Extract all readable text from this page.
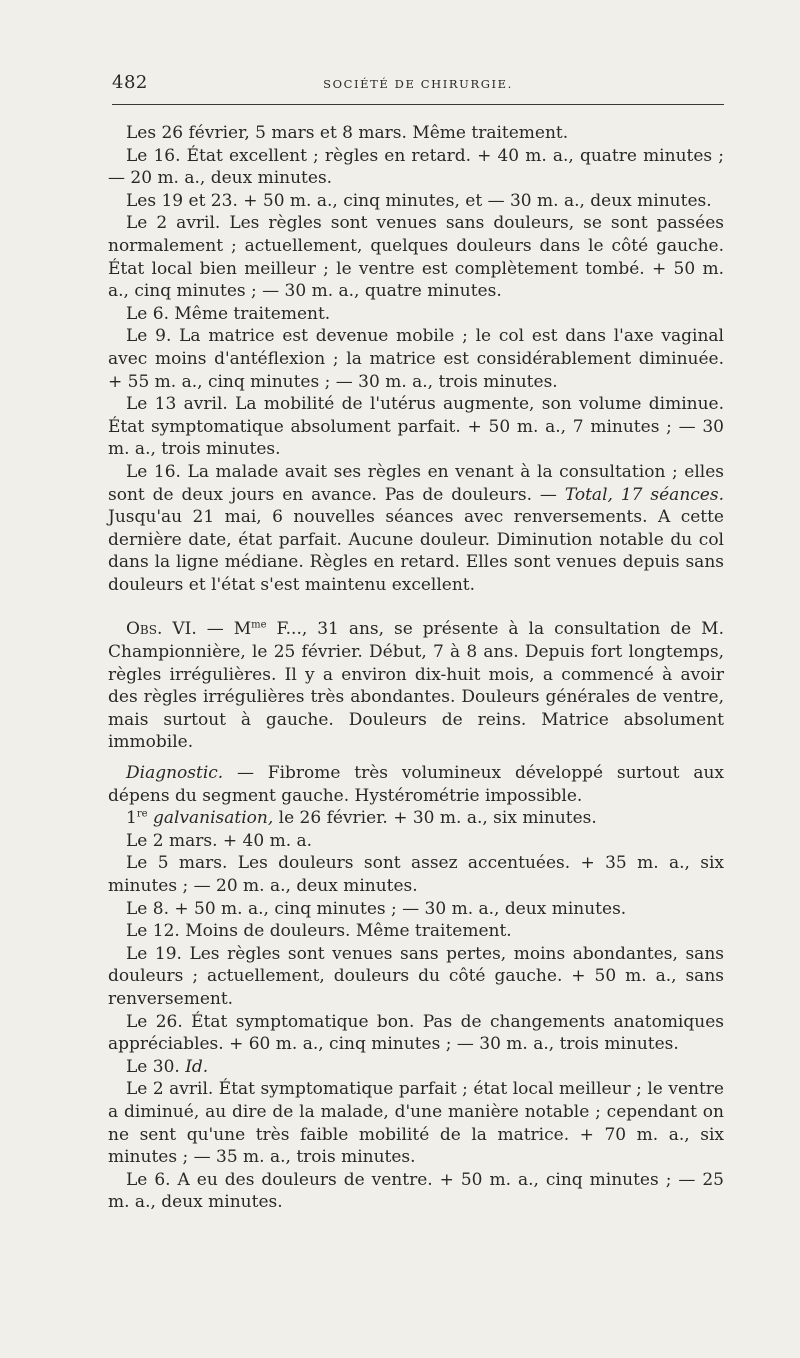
482	SOCIÉTÉ DE CHIRURGIE.

Les 26 février, 5 mars et 8 mars. Même traitement.

Le 16. État excellent ; règles en retard. + 40 m. a., quatre minutes ; — 20 m. a., deux minutes.

Les 19 et 23. + 50 m. a., cinq minutes, et — 30 m. a., deux minutes.

Le 2 avril. Les règles sont venues sans douleurs, se sont passées normalement ; actuellement, quelques douleurs dans le côté gauche. État local bien meilleur ; le ventre est complètement tombé. + 50 m. a., cinq minutes ; — 30 m. a., quatre minutes.

Le 6. Même traitement.

Le 9. La matrice est devenue mobile ; le col est dans l'axe vaginal avec moins d'antéflexion ; la matrice est considérablement diminuée. + 55 m. a., cinq minutes ; — 30 m. a., trois minutes.

Le 13 avril. La mobilité de l'utérus augmente, son volume diminue. État symptomatique absolument parfait. + 50 m. a., 7 minutes ; — 30 m. a., trois minutes.

Le 16. La malade avait ses règles en venant à la consultation ; elles sont de deux jours en avance. Pas de douleurs. — Total, 17 séances. Jusqu'au 21 mai, 6 nouvelles séances avec renversements. A cette dernière date, état parfait. Aucune douleur. Diminution notable du col dans la ligne médiane. Règles en retard. Elles sont venues depuis sans douleurs et l'état s'est maintenu excellent.

Obs. VI. — $M^{me}$ F..., 31 ans, se présente à la consultation de M. Championnière, le 25 février. Début, 7 à 8 ans. Depuis fort longtemps, règles irrégulières. Il y a environ dix-huit mois, a commencé à avoir des règles irrégulières très abondantes. Douleurs générales de ventre, mais surtout à gauche. Douleurs de reins. Matrice absolument immobile.

Diagnostic. — Fibrome très volumineux développé surtout aux dépens du segment gauche. Hystérométrie impossible.

1re galvanisation, le 26 février. + 30 m. a., six minutes.

Le 2 mars. + 40 m. a.

Le 5 mars. Les douleurs sont assez accentuées. + 35 m. a., six minutes ; — 20 m. a., deux minutes.

Le 8. + 50 m. a., cinq minutes ; — 30 m. a., deux minutes.

Le 12. Moins de douleurs. Même traitement.

Le 19. Les règles sont venues sans pertes, moins abondantes, sans douleurs ; actuellement, douleurs du côté gauche. + 50 m. a., sans renversement.

Le 26. État symptomatique bon. Pas de changements anatomiques appréciables. + 60 m. a., cinq minutes ; — 30 m. a., trois minutes.

Le 30. Id.

Le 2 avril. État symptomatique parfait ; état local meilleur ; le ventre a diminué, au dire de la malade, d'une manière notable ; cependant on ne sent qu'une très faible mobilité de la matrice. + 70 m. a., six minutes ; — 35 m. a., trois minutes.

Le 6. A eu des douleurs de ventre. + 50 m. a., cinq minutes ; — 25 m. a., deux minutes.
